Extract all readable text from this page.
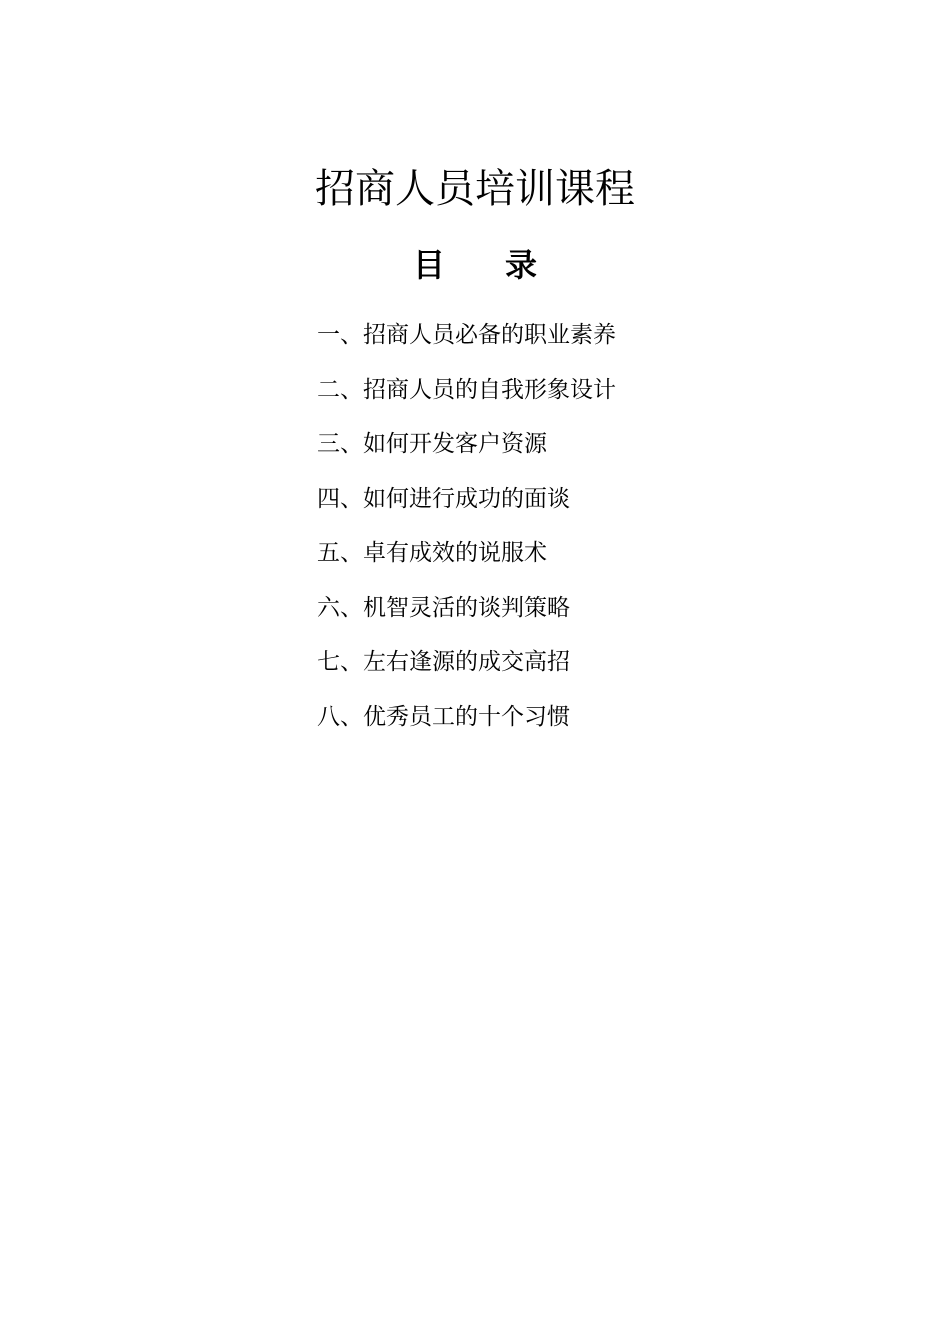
招商人员培训课程
目 录
一、招商人员必备的职业素养
二、招商人员的自我形象设计
三、如何开发客户资源
四、如何进行成功的面谈
五、卓有成效的说服术
六、机智灵活的谈判策略
七、左右逢源的成交高招
八、优秀员工的十个习惯
